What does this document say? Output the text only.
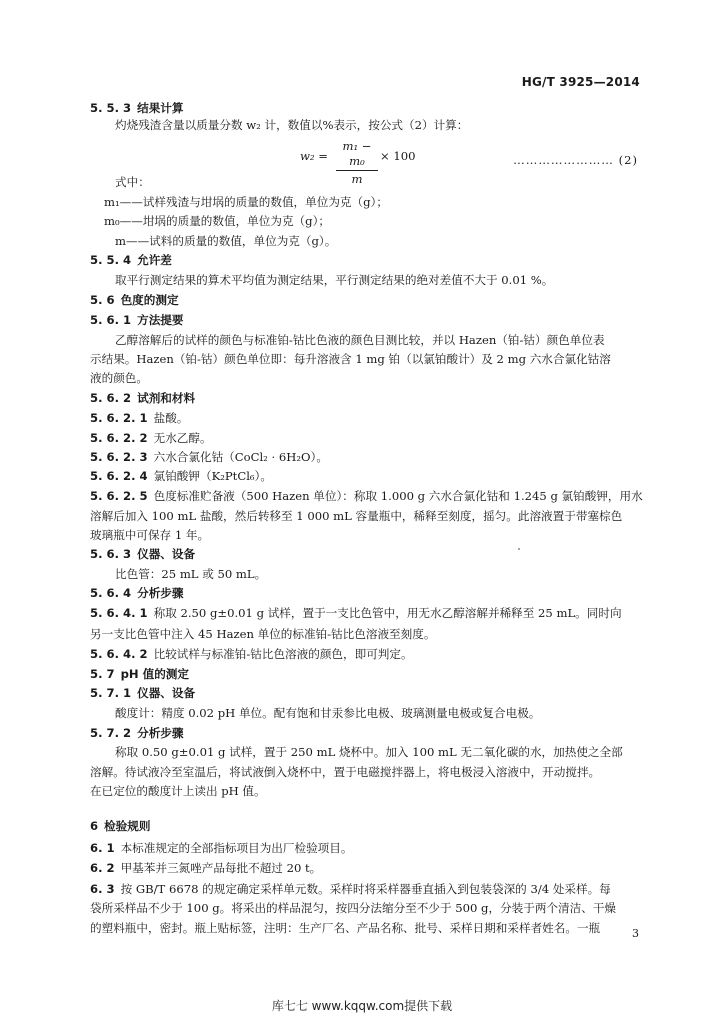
HG/T 3925—2014
w₂ =
m₁ − m₀
m
× 100	…………………… (2)
5. 5. 3 结果计算
灼烧残渣含量以质量分数 w₂ 计，数值以%表示，按公式（2）计算：
式中：
m₁——试样残渣与坩埚的质量的数值，单位为克（g）；
m₀——坩埚的质量的数值，单位为克（g）；
m——试料的质量的数值，单位为克（g）。
5. 5. 4 允许差
取平行测定结果的算术平均值为测定结果，平行测定结果的绝对差值不大于 0.01 %。
5. 6 色度的测定
5. 6. 1 方法提要
乙醇溶解后的试样的颜色与标准铂-钴比色液的颜色目测比较，并以 Hazen（铂-钴）颜色单位表
示结果。Hazen（铂-钴）颜色单位即：每升溶液含 1 mg 铂（以氯铂酸计）及 2 mg 六水合氯化钴溶
液的颜色。
5. 6. 2 试剂和材料
5. 6. 2. 1 盐酸。
5. 6. 2. 2 无水乙醇。
5. 6. 2. 3 六水合氯化钴（CoCl₂ · 6H₂O）。
5. 6. 2. 4 氯铂酸钾（K₂PtCl₆）。
5. 6. 2. 5 色度标准贮备液（500 Hazen 单位）：称取 1.000 g 六水合氯化钴和 1.245 g 氯铂酸钾，用水
溶解后加入 100 mL 盐酸，然后转移至 1 000 mL 容量瓶中，稀释至刻度，摇匀。此溶液置于带塞棕色
玻璃瓶中可保存 1 年。
5. 6. 3 仪器、设备
比色管：25 mL 或 50 mL。
5. 6. 4 分析步骤
5. 6. 4. 1 称取 2.50 g±0.01 g 试样，置于一支比色管中，用无水乙醇溶解并稀释至 25 mL。同时向
另一支比色管中注入 45 Hazen 单位的标准铂-钴比色溶液至刻度。
5. 6. 4. 2 比较试样与标准铂-钴比色溶液的颜色，即可判定。
5. 7 pH 值的测定
5. 7. 1 仪器、设备
酸度计：精度 0.02 pH 单位。配有饱和甘汞参比电极、玻璃测量电极或复合电极。
5. 7. 2 分析步骤
称取 0.50 g±0.01 g 试样，置于 250 mL 烧杯中。加入 100 mL 无二氧化碳的水，加热使之全部
溶解。待试液冷至室温后，将试液倒入烧杯中，置于电磁搅拌器上，将电极浸入溶液中，开动搅拌。
在已定位的酸度计上读出 pH 值。
6 检验规则
6. 1 本标准规定的全部指标项目为出厂检验项目。
6. 2 甲基苯并三氮唑产品每批不超过 20 t。
6. 3 按 GB/T 6678 的规定确定采样单元数。采样时将采样器垂直插入到包装袋深的 3/4 处采样。每
袋所采样品不少于 100 g。将采出的样品混匀，按四分法缩分至不少于 500 g，分装于两个清洁、干燥
的塑料瓶中，密封。瓶上贴标签，注明：生产厂名、产品名称、批号、采样日期和采样者姓名。一瓶	3
库七七 www.kqqw.com提供下载
